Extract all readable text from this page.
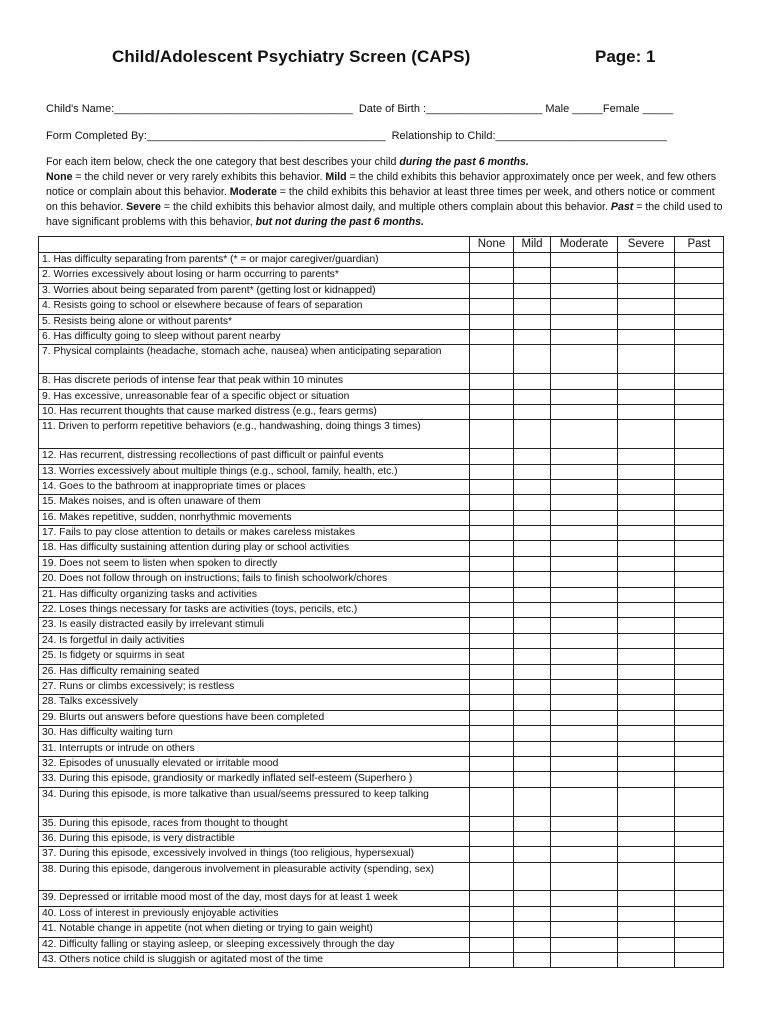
Child/Adolescent Psychiatry Screen (CAPS)	Page: 1
Child's Name:_______________________________________  Date of Birth :___________________ Male _____Female _____
Form Completed By:_______________________________________  Relationship to Child:____________________________
For each item below, check the one category that best describes your child during the past 6 months.
None = the child never or very rarely exhibits this behavior. Mild = the child exhibits this behavior approximately once per week, and few others notice or complain about this behavior. Moderate = the child exhibits this behavior at least three times per week, and others notice or comment on this behavior. Severe = the child exhibits this behavior almost daily, and multiple others complain about this behavior. Past = the child used to have significant problems with this behavior, but not during the past 6 months.
	None	Mild	Moderate	Severe	Past
1. Has difficulty separating from parents* (* = or major caregiver/guardian)					
2. Worries excessively about losing or harm occurring to parents*					
3. Worries about being separated from parent* (getting lost or kidnapped)					
4. Resists going to school or elsewhere because of fears of separation					
5. Resists being alone or without parents*					
6. Has difficulty going to sleep without parent nearby					
7. Physical complaints (headache, stomach ache, nausea) when anticipating separation					
8. Has discrete periods of intense fear that peak within 10 minutes					
9. Has excessive, unreasonable fear of a specific object or situation					
10. Has recurrent thoughts that cause marked distress (e.g., fears germs)					
11. Driven to perform repetitive behaviors (e.g., handwashing, doing things 3 times)					
12. Has recurrent, distressing recollections of past difficult or painful events					
13. Worries excessively about multiple things (e.g., school, family, health, etc.)					
14. Goes to the bathroom at inappropriate times or places					
15. Makes noises, and is often unaware of them					
16. Makes repetitive, sudden, nonrhythmic movements					
17. Fails to pay close attention to details or makes careless mistakes					
18. Has difficulty sustaining attention during play or school activities					
19. Does not seem to listen when spoken to directly					
20. Does not follow through on instructions; fails to finish schoolwork/chores					
21. Has difficulty organizing tasks and activities					
22. Loses things necessary for tasks are activities (toys, pencils, etc.)					
23. Is easily distracted easily by irrelevant stimuli					
24. Is forgetful in daily activities					
25. Is fidgety or squirms in seat					
26. Has difficulty remaining seated					
27. Runs or climbs excessively; is restless					
28. Talks excessively					
29. Blurts out answers before questions have been completed					
30. Has difficulty waiting turn					
31. Interrupts or intrude on others					
32. Episodes of unusually elevated or irritable mood					
33. During this episode, grandiosity or markedly inflated self-esteem (Superhero )					
34. During this episode, is more talkative than usual/seems pressured to keep talking					
35. During this episode, races from thought to thought					
36. During this episode, is very distractible					
37. During this episode, excessively involved in things (too religious, hypersexual)					
38. During this episode, dangerous involvement in pleasurable activity (spending, sex)					
39. Depressed or irritable mood most of the day, most days for at least 1 week					
40. Loss of interest in previously enjoyable activities					
41. Notable change in appetite (not when dieting or trying to gain weight)					
42. Difficulty falling or staying asleep, or sleeping excessively through the day					
43. Others notice child is sluggish or agitated most of the time					
